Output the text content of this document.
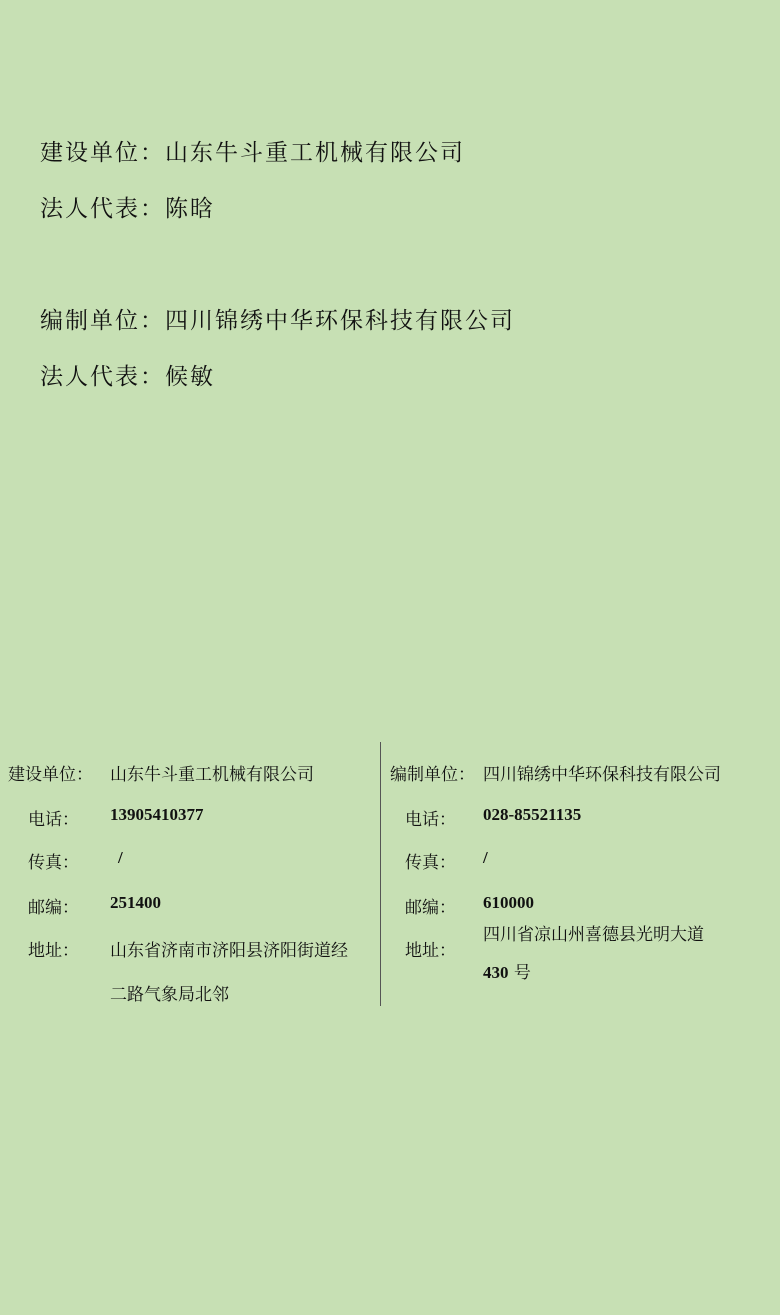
建设单位：山东牛斗重工机械有限公司
法人代表：陈晗
编制单位：四川锦绣中华环保科技有限公司
法人代表：候敏
建设单位： 山东牛斗重工机械有限公司
电话： 13905410377
传真： /
邮编： 251400
地址： 山东省济南市济阳县济阳街道经
二路气象局北邻
编制单位： 四川锦绣中华环保科技有限公司
电话： 028-85521135
传真： /
邮编： 610000
地址：
四川省凉山州喜德县光明大道
430 号
